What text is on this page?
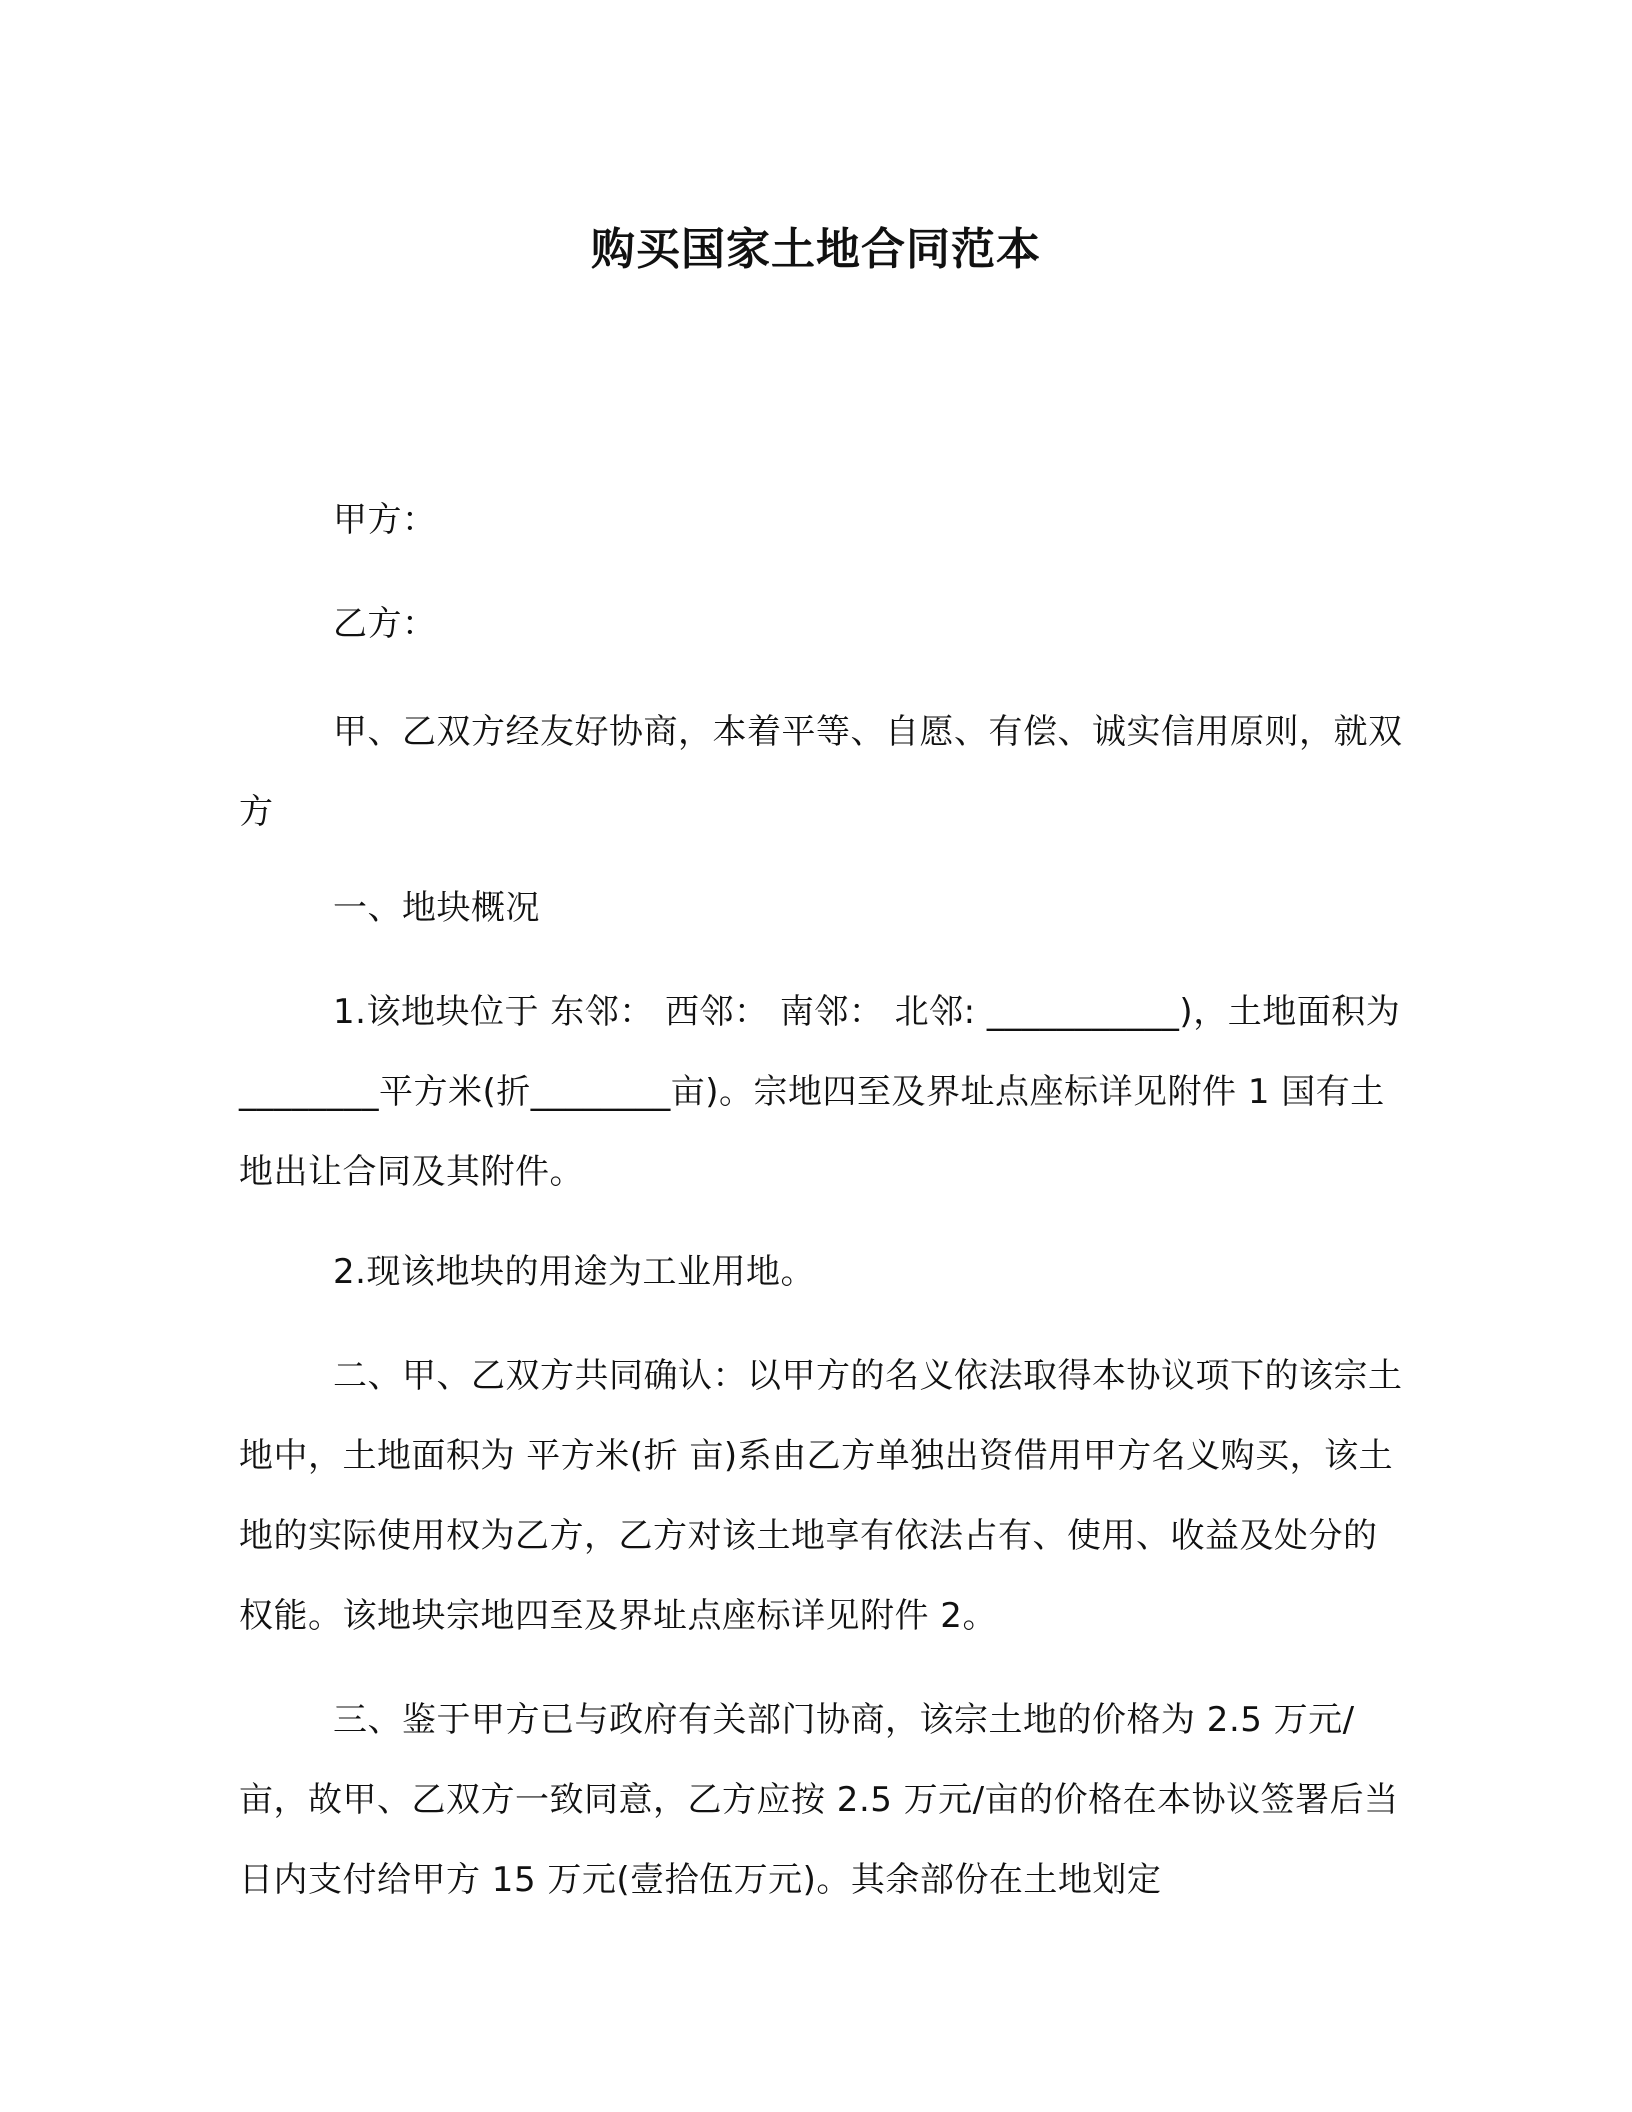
购买国家土地合同范本
甲方：
乙方：
甲、乙双方经友好协商，本着平等、自愿、有偿、诚实信用原则，就双方
一、地块概况
1.该地块位于 东邻： 西邻： 南邻： 北邻: ___________)，土地面积为________平方米(折________亩)。宗地四至及界址点座标详见附件 1 国有土地出让合同及其附件。
2.现该地块的用途为工业用地。
二、甲、乙双方共同确认：以甲方的名义依法取得本协议项下的该宗土地中，土地面积为 平方米(折 亩)系由乙方单独出资借用甲方名义购买，该土地的实际使用权为乙方，乙方对该土地享有依法占有、使用、收益及处分的权能。该地块宗地四至及界址点座标详见附件 2。
三、鉴于甲方已与政府有关部门协商，该宗土地的价格为 2.5 万元/亩，故甲、乙双方一致同意，乙方应按 2.5 万元/亩的价格在本协议签署后当日内支付给甲方 15 万元(壹拾伍万元)。其余部份在土地划定
